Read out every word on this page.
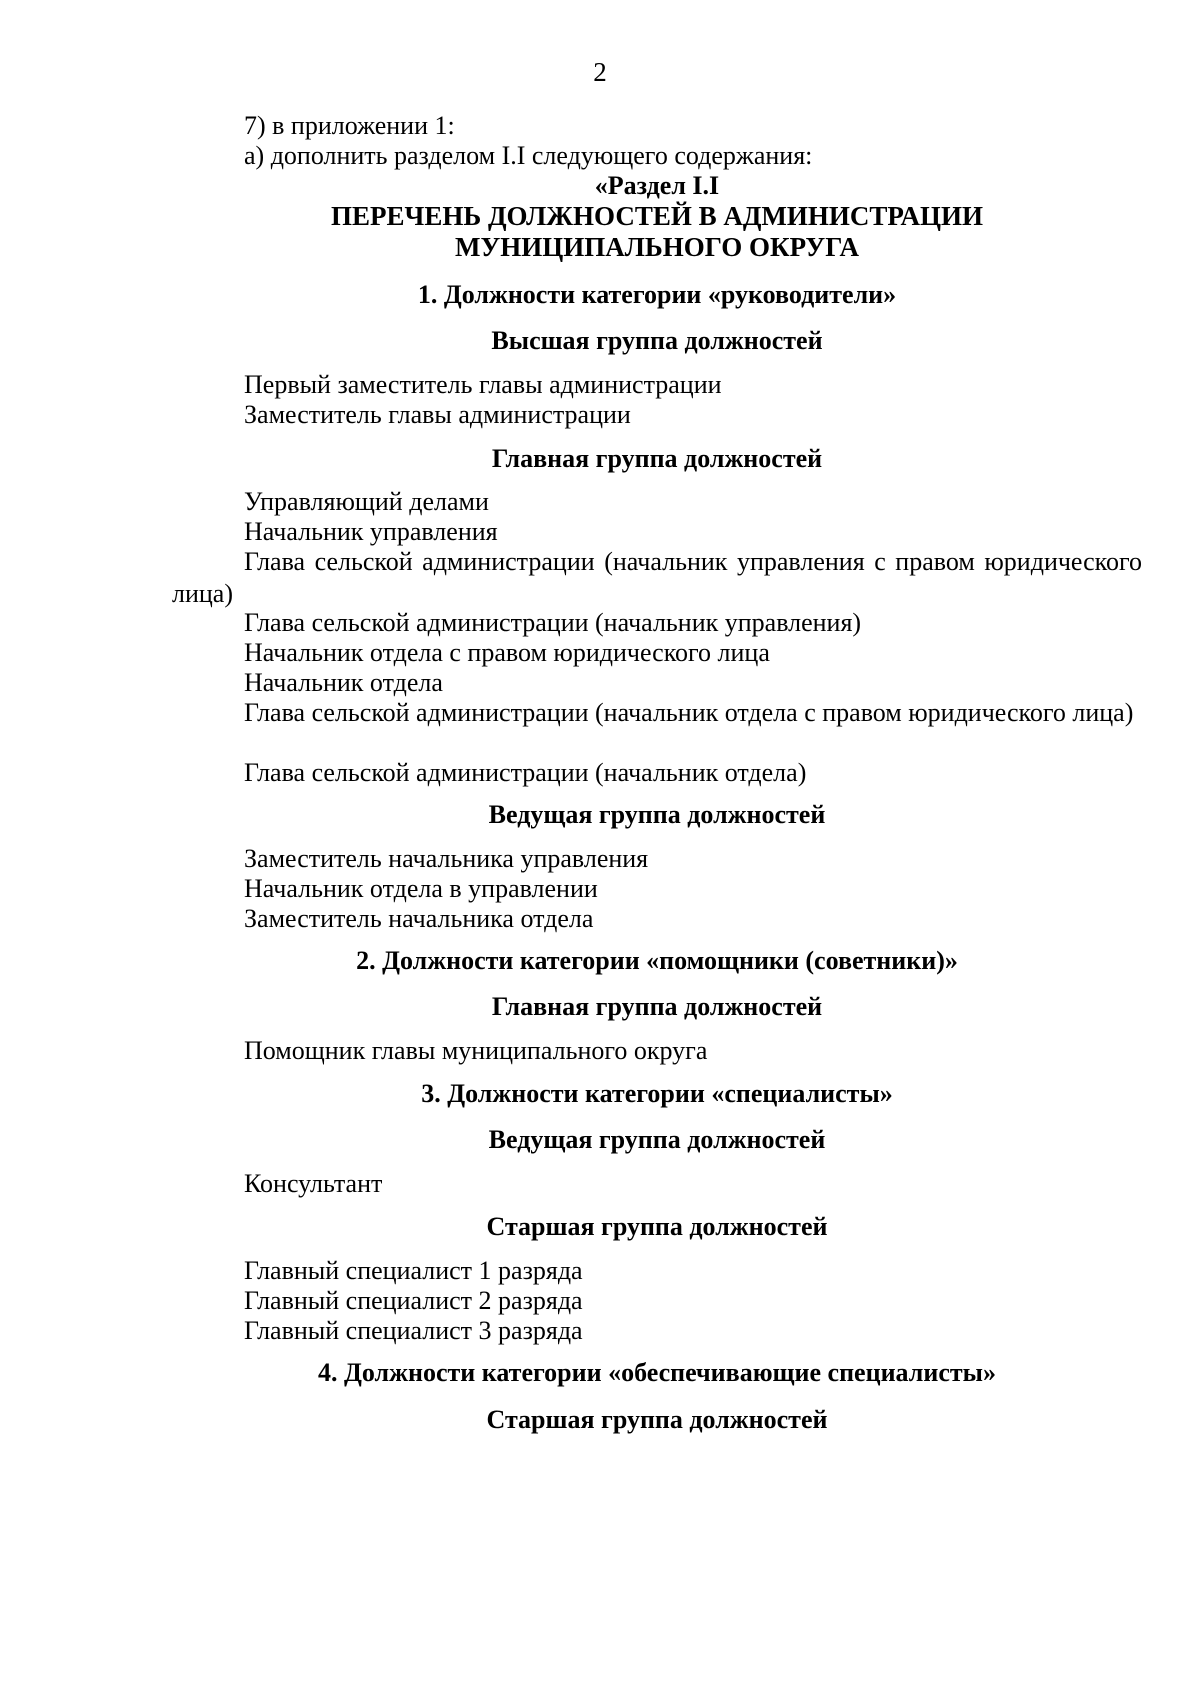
2
7) в приложении 1:
а) дополнить разделом I.I следующего содержания:
«Раздел I.I
ПЕРЕЧЕНЬ ДОЛЖНОСТЕЙ В АДМИНИСТРАЦИИ
МУНИЦИПАЛЬНОГО ОКРУГА
1. Должности категории «руководители»
Высшая группа должностей
Первый заместитель главы администрации
Заместитель главы администрации
Главная группа должностей
Управляющий делами
Начальник управления
Глава сельской администрации (начальник управления с правом юридического лица)
Глава сельской администрации (начальник управления)
Начальник отдела с правом юридического лица
Начальник отдела
Глава сельской администрации (начальник отдела с правом юридического лица)
Глава сельской администрации (начальник отдела)
Ведущая группа должностей
Заместитель начальника управления
Начальник отдела в управлении
Заместитель начальника отдела
2. Должности категории «помощники (советники)»
Главная группа должностей
Помощник главы муниципального округа
3. Должности категории «специалисты»
Ведущая группа должностей
Консультант
Старшая группа должностей
Главный специалист 1 разряда
Главный специалист 2 разряда
Главный специалист 3 разряда
4. Должности категории «обеспечивающие специалисты»
Старшая группа должностей
